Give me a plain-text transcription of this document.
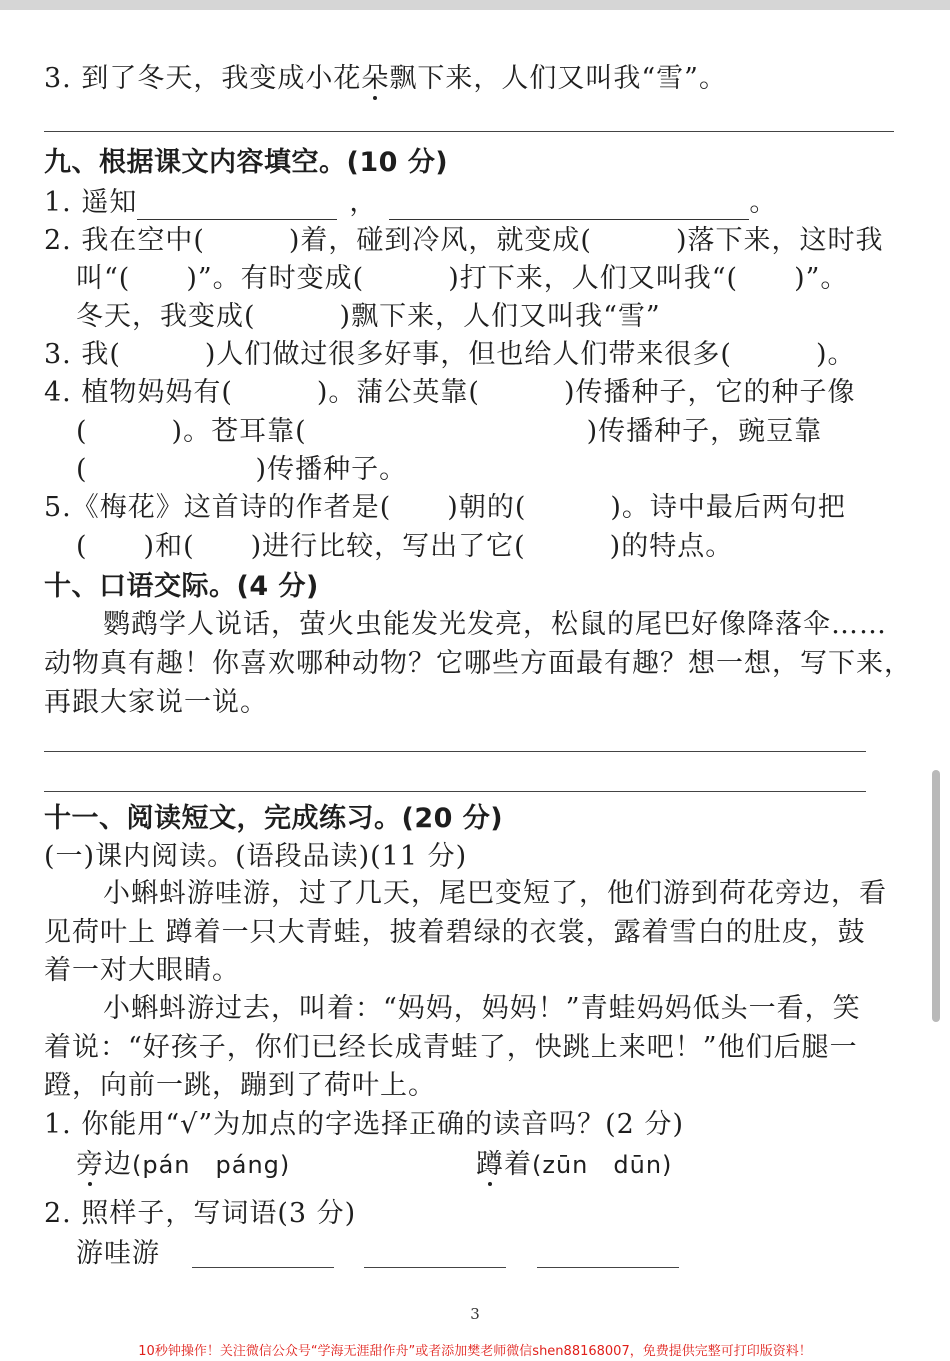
3. 到了冬天，我变成小花朵飘下来，人们又叫我“雪”。
九、根据课文内容填空。(10 分)
1. 遥知	，	。
2. 我在空中(　　　)着，碰到冷风，就变成(　　　)落下来，这时我
叫“(　　)”。有时变成(　　　)打下来，人们又叫我“(　　)”。
冬天，我变成(　　　)飘下来，人们又叫我“雪”
3. 我(　　　)人们做过很多好事，但也给人们带来很多(　　　)。
4. 植物妈妈有(　　　)。蒲公英靠(　　　)传播种子，它的种子像
(　　　)。苍耳靠(　　　　　　　　　　)传播种子，豌豆靠
(　　　　　　)传播种子。
5.《梅花》这首诗的作者是(　　)朝的(　　　)。诗中最后两句把
(　　)和(　　)进行比较，写出了它(　　　)的特点。
十、口语交际。(4 分)
鹦鹉学人说话，萤火虫能发光发亮，松鼠的尾巴好像降落伞……
动物真有趣！你喜欢哪种动物？它哪些方面最有趣？想一想，写下来，
再跟大家说一说。
十一、阅读短文，完成练习。(20 分)
(一)课内阅读。(语段品读)(11 分)
小蝌蚪游哇游，过了几天，尾巴变短了，他们游到荷花旁边，看
见荷叶上 蹲着一只大青蛙，披着碧绿的衣裳，露着雪白的肚皮，鼓
着一对大眼睛。
小蝌蚪游过去，叫着：“妈妈，妈妈！”青蛙妈妈低头一看，笑
着说：“好孩子，你们已经长成青蛙了，快跳上来吧！”他们后腿一
蹬，向前一跳，蹦到了荷叶上。
1. 你能用“√”为加点的字选择正确的读音吗？(2 分)
旁边(pán　páng)	蹲着(zūn　dūn)
2. 照样子，写词语(3 分)
游哇游
3
10秒钟操作！关注微信公众号“学海无涯甜作舟”或者添加樊老师微信shen88168007，免费提供完整可打印版资料！
